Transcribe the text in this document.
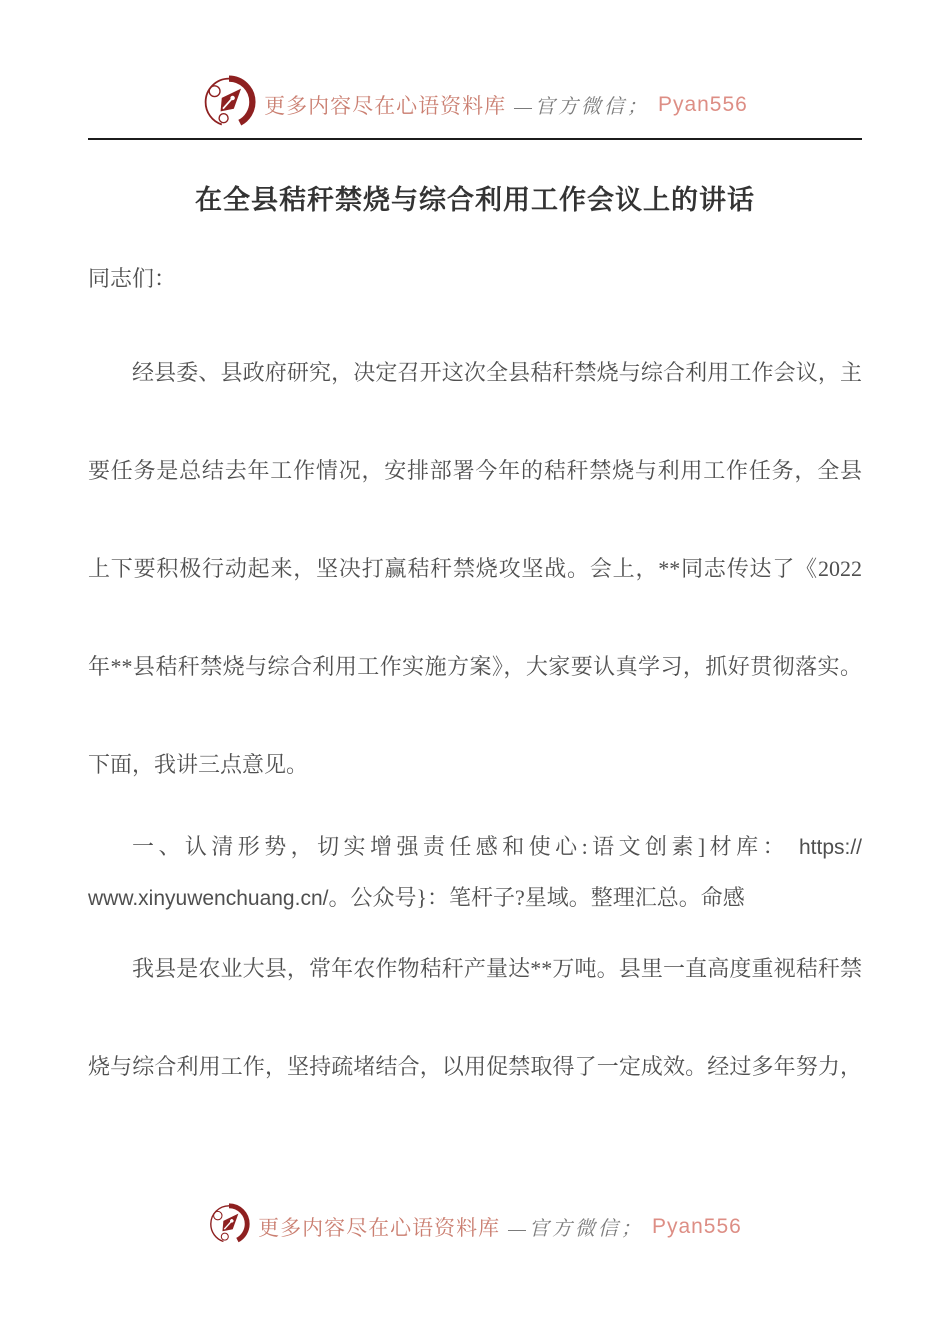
更多内容尽在心语资料库 —官方微信； Pyan556
在全县秸秆禁烧与综合利用工作会议上的讲话
同志们：
经县委、县政府研究，决定召开这次全县秸秆禁烧与综合利用工作会议，主
要任务是总结去年工作情况，安排部署今年的秸秆禁烧与利用工作任务，全县
上下要积极行动起来，坚决打赢秸秆禁烧攻坚战。会上，**同志传达了《2022
年**县秸秆禁烧与综合利用工作实施方案》，大家要认真学习，抓好贯彻落实。
下面，我讲三点意见。
一、认清形势，切实增强责任感和使心:语文创素]材库： https://
www.xinyuwenchuang.cn/。公众号}：笔杆子?星域。整理汇总。命感
我县是农业大县，常年农作物秸秆产量达**万吨。县里一直高度重视秸秆禁
烧与综合利用工作，坚持疏堵结合，以用促禁取得了一定成效。经过多年努力，
更多内容尽在心语资料库 —官方微信； Pyan556
